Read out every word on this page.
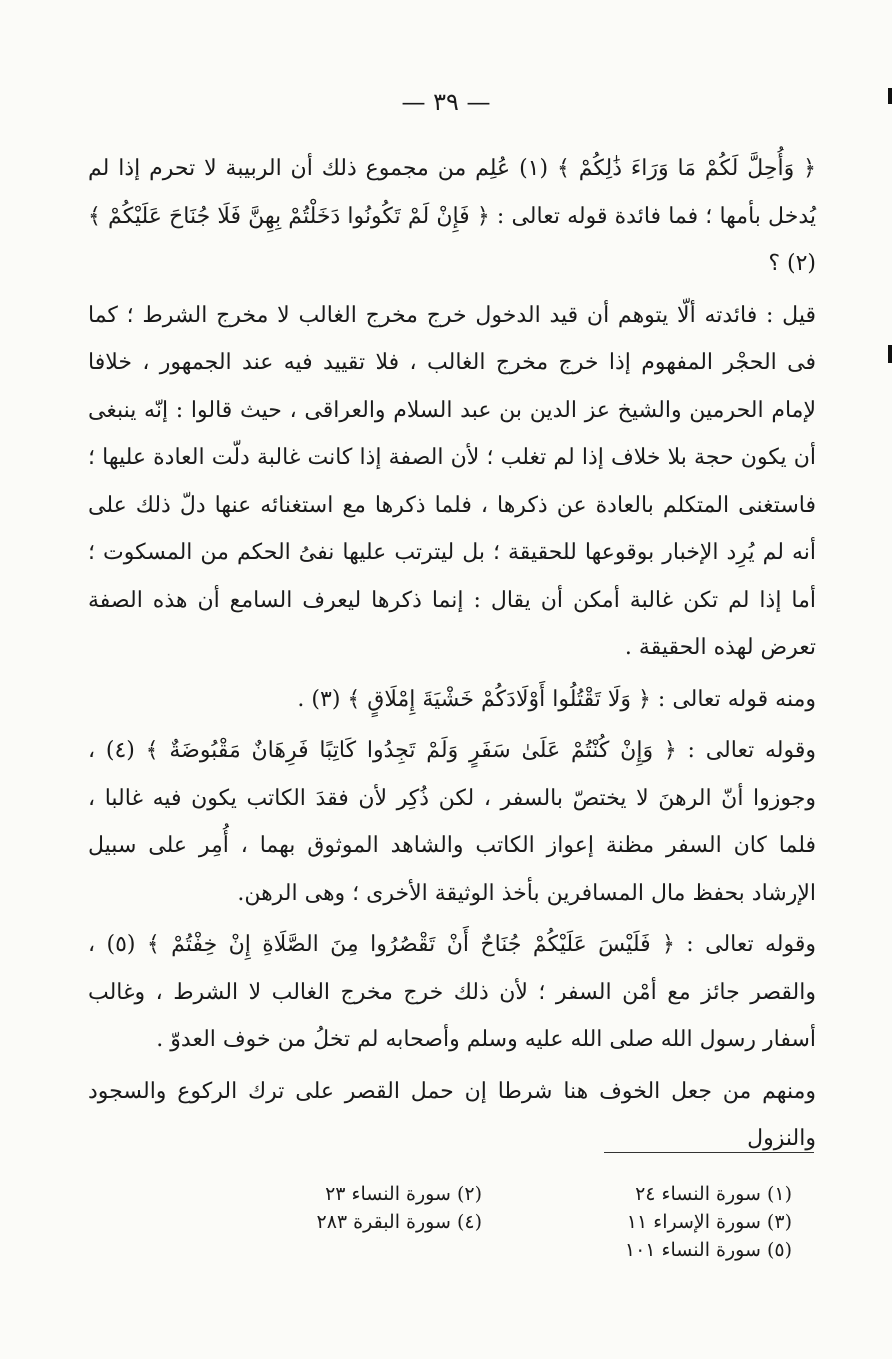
— ٣٩ —

﴿ وَأُحِلَّ لَكُمْ مَا وَرَاءَ ذَٰلِكُمْ ﴾ (١) عُلِم من مجموع ذلك أن الربيبة لا تحرم إذا لم يُدخل بأمها ؛ فما فائدة قوله تعالى : ﴿ فَإِنْ لَمْ تَكُونُوا دَخَلْتُمْ بِهِنَّ فَلَا جُنَاحَ عَلَيْكُمْ ﴾ (٢) ؟

قيل : فائدته ألّا يتوهم أن قيد الدخول خرج مخرج الغالب لا مخرج الشرط ؛ كما فى الحجْر المفهوم إذا خرج مخرج الغالب ، فلا تقييد فيه عند الجمهور ، خلافا لإمام الحرمين والشيخ عز الدين بن عبد السلام والعراقى ، حيث قالوا : إنّه ينبغى أن يكون حجة بلا خلاف إذا لم تغلب ؛ لأن الصفة إذا كانت غالبة دلّت العادة عليها ؛ فاستغنى المتكلم بالعادة عن ذكرها ، فلما ذكرها مع استغنائه عنها دلّ ذلك على أنه لم يُرِد الإخبار بوقوعها للحقيقة ؛ بل ليترتب عليها نفىُ الحكم من المسكوت ؛ أما إذا لم تكن غالبة أمكن أن يقال : إنما ذكرها ليعرف السامع أن هذه الصفة تعرض لهذه الحقيقة .

ومنه قوله تعالى : ﴿ وَلَا تَقْتُلُوا أَوْلَادَكُمْ خَشْيَةَ إِمْلَاقٍ ﴾ (٣) .

وقوله تعالى : ﴿ وَإِنْ كُنْتُمْ عَلَىٰ سَفَرٍ وَلَمْ تَجِدُوا كَاتِبًا فَرِهَانٌ مَقْبُوضَةٌ ﴾ (٤) ، وجوزوا أنّ الرهنَ لا يختصّ بالسفر ، لكن ذُكِر لأن فقدَ الكاتب يكون فيه غالبا ، فلما كان السفر مظنة إعواز الكاتب والشاهد الموثوق بهما ، أُمِر على سبيل الإرشاد بحفظ مال المسافرين بأخذ الوثيقة الأخرى ؛ وهى الرهن.

وقوله تعالى : ﴿ فَلَيْسَ عَلَيْكُمْ جُنَاحٌ أَنْ تَقْصُرُوا مِنَ الصَّلَاةِ إِنْ خِفْتُمْ ﴾ (٥) ، والقصر جائز مع أمْن السفر ؛ لأن ذلك خرج مخرج الغالب لا الشرط ، وغالب أسفار رسول الله صلى الله عليه وسلم وأصحابه لم تخلُ من خوف العدوّ .

ومنهم من جعل الخوف هنا شرطا إن حمل القصر على ترك الركوع والسجود والنزول

(١) سورة النساء ٢٤
(٢) سورة النساء ٢٣
(٣) سورة الإسراء ١١
(٤) سورة البقرة ٢٨٣
(٥) سورة النساء ١٠١
